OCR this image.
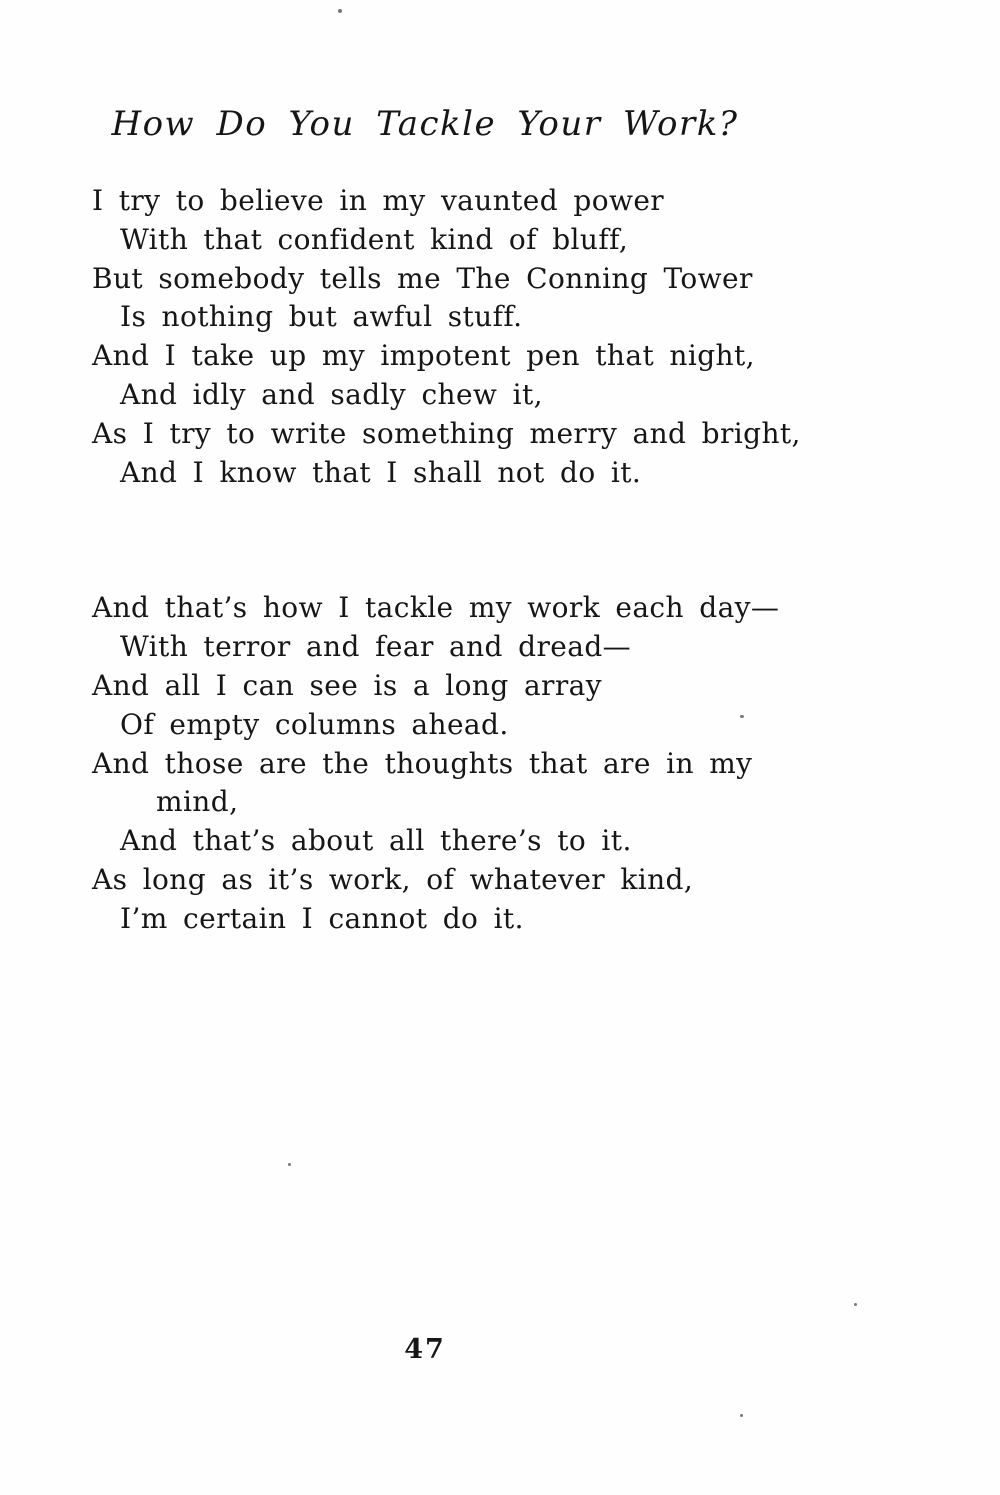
How Do You Tackle Your Work?
I try to believe in my vaunted power
With that confident kind of bluff,
But somebody tells me The Conning Tower
Is nothing but awful stuff.
And I take up my impotent pen that night,
And idly and sadly chew it,
As I try to write something merry and bright,
And I know that I shall not do it.
And that’s how I tackle my work each day—
With terror and fear and dread—
And all I can see is a long array
Of empty columns ahead.
And those are the thoughts that are in my
mind,
And that’s about all there’s to it.
As long as it’s work, of whatever kind,
I’m certain I cannot do it.
47
